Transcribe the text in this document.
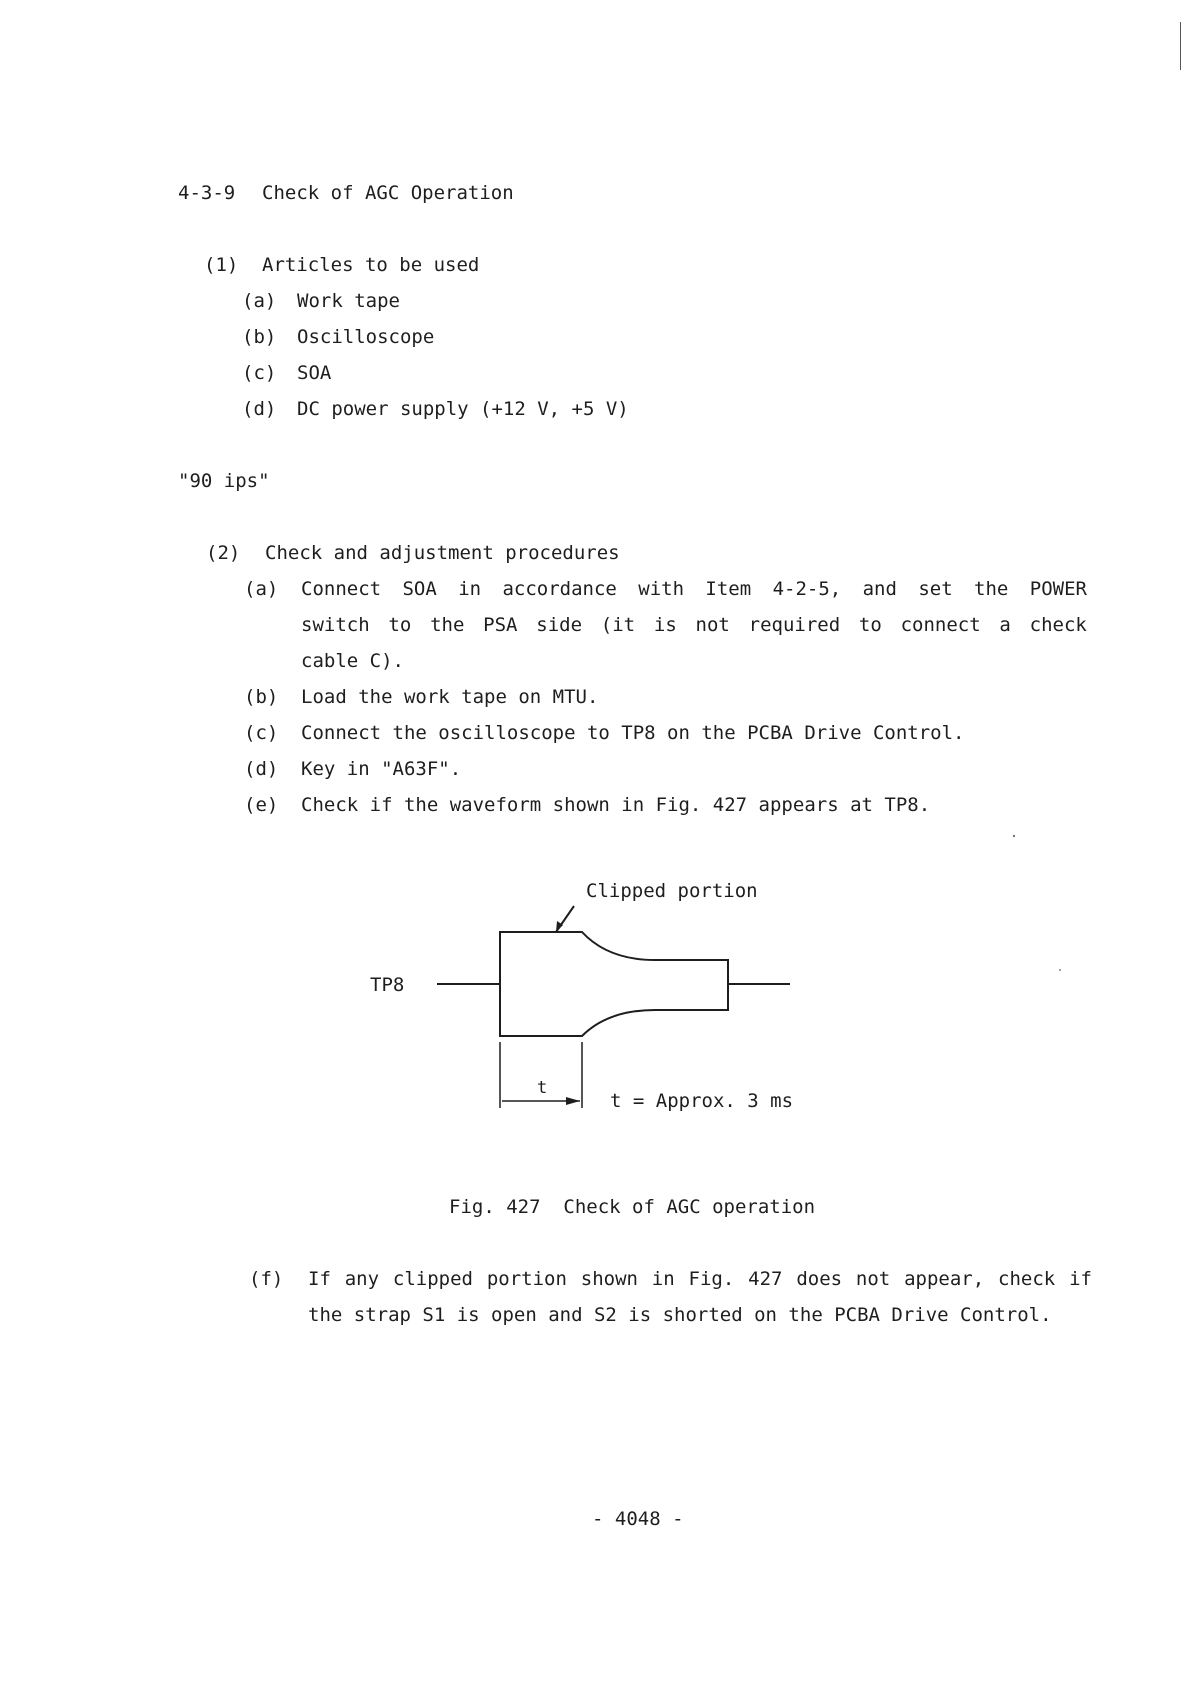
4-3-9 Check of AGC Operation
(1) Articles to be used
(a) Work tape
(b) Oscilloscope
(c) SOA
(d) DC power supply (+12 V, +5 V)
"90 ips"
(2) Check and adjustment procedures
(a) Connect SOA in accordance with Item 4-2-5, and set the POWER
switch to the PSA side (it is not required to connect a check
cable C).
(b) Load the work tape on MTU.
(c) Connect the oscilloscope to TP8 on the PCBA Drive Control.
(d) Key in "A63F".
(e) Check if the waveform shown in Fig. 427 appears at TP8.
Clipped portion
TP8
t
t = Approx. 3 ms
Fig. 427  Check of AGC operation
(f) If any clipped portion shown in Fig. 427 does not appear, check if
the strap S1 is open and S2 is shorted on the PCBA Drive Control.
- 4048 -
